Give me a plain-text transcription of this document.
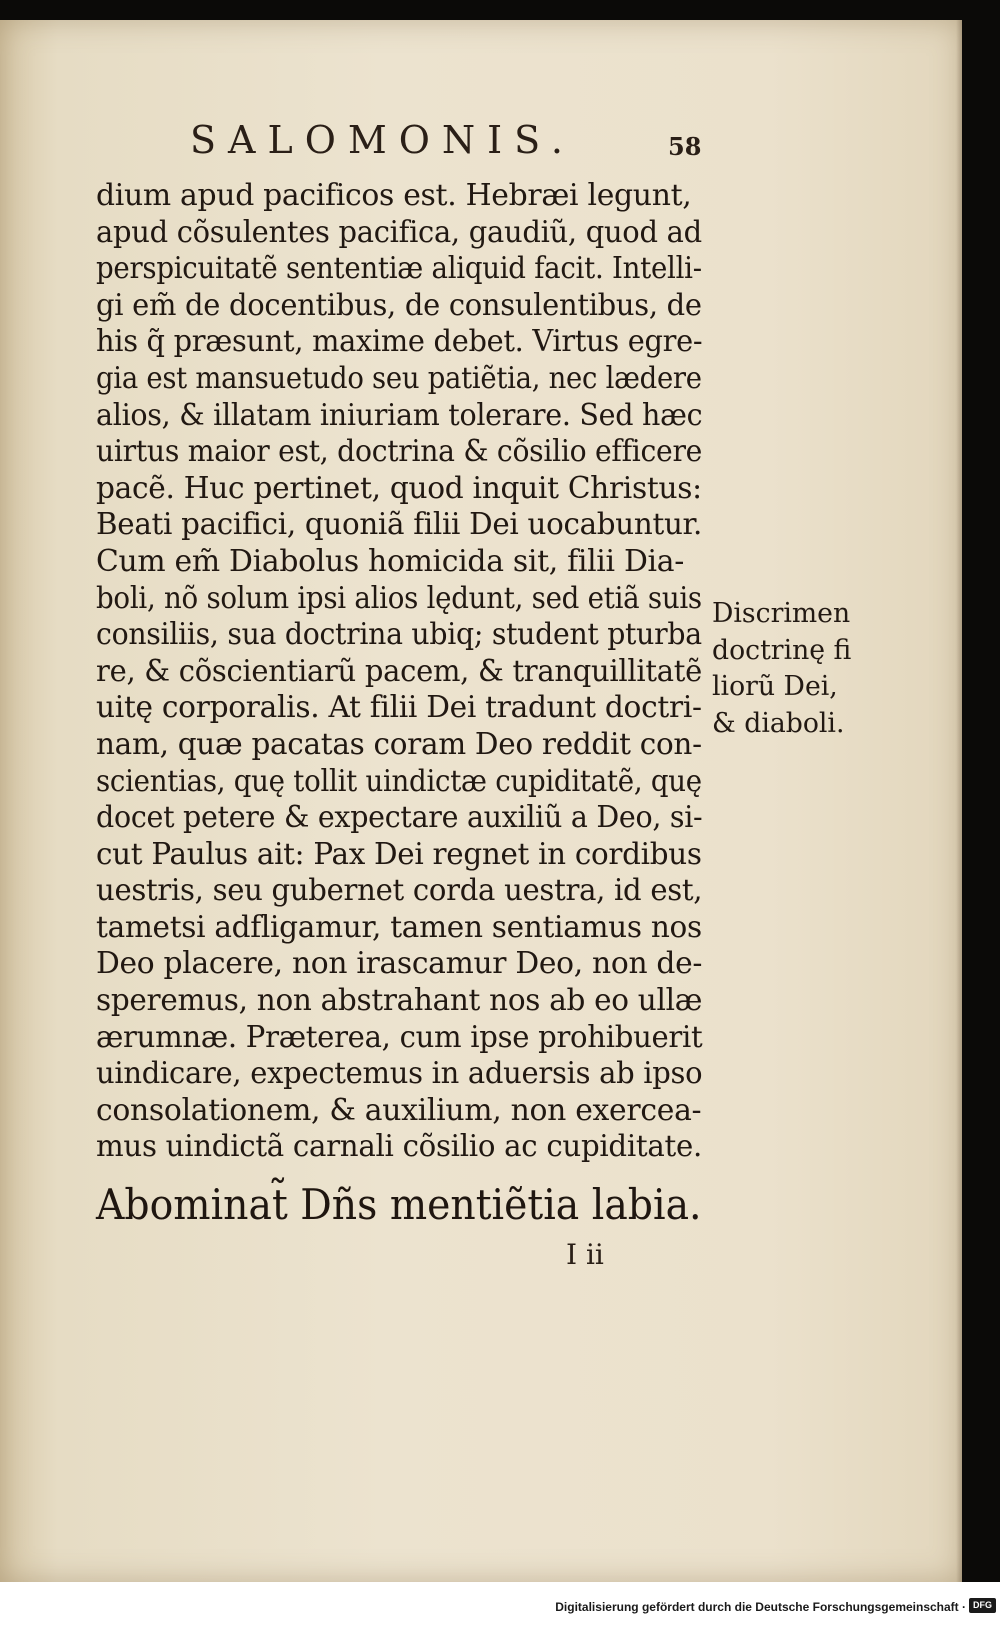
SALOMONIS.	58
dium apud pacificos est. Hebræi legunt,
apud cõsulentes pacifica, gaudiũ, quod ad
perspicuitatẽ sententiæ aliquid facit. Intelli-
gi em̃ de docentibus, de consulentibus, de
his q̃ præsunt, maxime debet. Virtus egre-
gia est mansuetudo seu patiẽtia, nec lædere
alios, & illatam iniuriam tolerare. Sed hæc
uirtus maior est, doctrina & cõsilio efficere
pacẽ. Huc pertinet, quod inquit Christus:
Beati pacifici, quoniã filii Dei uocabuntur.
Cum em̃ Diabolus homicida sit, filii Dia-
boli, nõ solum ipsi alios lędunt, sed etiã suis
consiliis, sua doctrina ubiq; student pturba
re, & cõscientiarũ pacem, & tranquillitatẽ
uitę corporalis. At filii Dei tradunt doctri-
nam, quæ pacatas coram Deo reddit con-
scientias, quę tollit uindictæ cupiditatẽ, quę
docet petere & expectare auxiliũ a Deo, si-
cut Paulus ait: Pax Dei regnet in cordibus
uestris, seu gubernet corda uestra, id est,
tametsi adfligamur, tamen sentiamus nos
Deo placere, non irascamur Deo, non de-
speremus, non abstrahant nos ab eo ullæ
ærumnæ. Præterea, cum ipse prohibuerit
uindicare, expectemus in aduersis ab ipso
consolationem, & auxilium, non exercea-
mus uindictã carnali cõsilio ac cupiditate.
Discrimen
doctrinę fi
liorũ Dei,
& diaboli.
Abominat̃ Dñs mentiẽtia labia.
I ii
Digitalisierung gefördert durch die Deutsche Forschungsgemeinschaft · DFG
